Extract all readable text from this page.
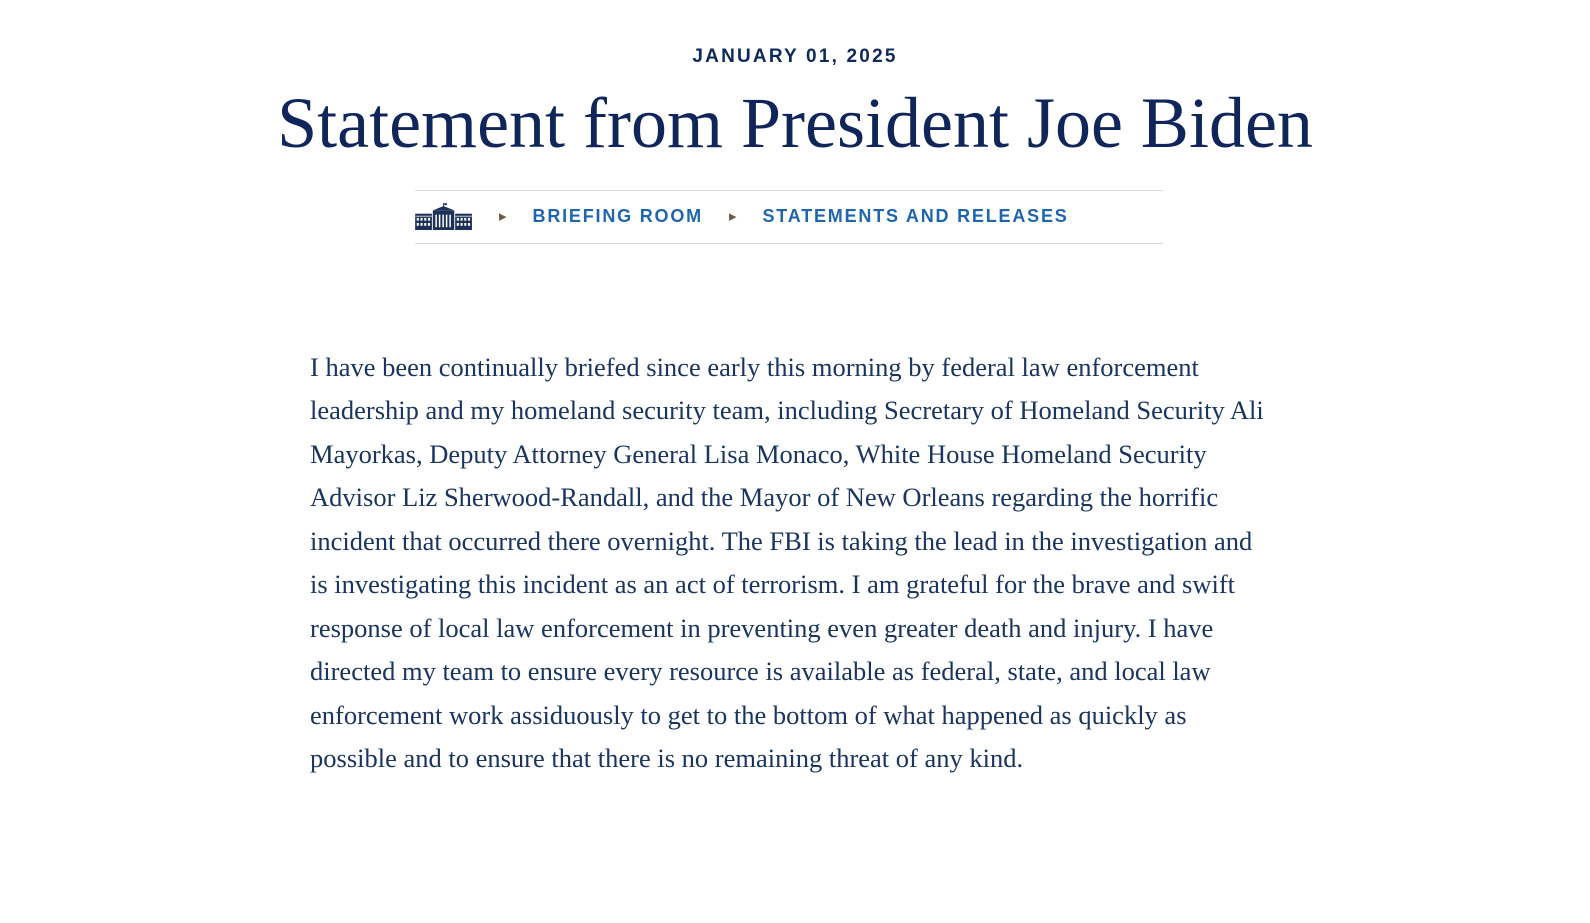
JANUARY 01, 2025
Statement from President Joe Biden
▸ BRIEFING ROOM ▸ STATEMENTS AND RELEASES

I have been continually briefed since early this morning by federal law enforcement leadership and my homeland security team, including Secretary of Homeland Security Ali Mayorkas, Deputy Attorney General Lisa Monaco, White House Homeland Security Advisor Liz Sherwood-Randall, and the Mayor of New Orleans regarding the horrific incident that occurred there overnight. The FBI is taking the lead in the investigation and is investigating this incident as an act of terrorism. I am grateful for the brave and swift response of local law enforcement in preventing even greater death and injury. I have directed my team to ensure every resource is available as federal, state, and local law enforcement work assiduously to get to the bottom of what happened as quickly as possible and to ensure that there is no remaining threat of any kind.
